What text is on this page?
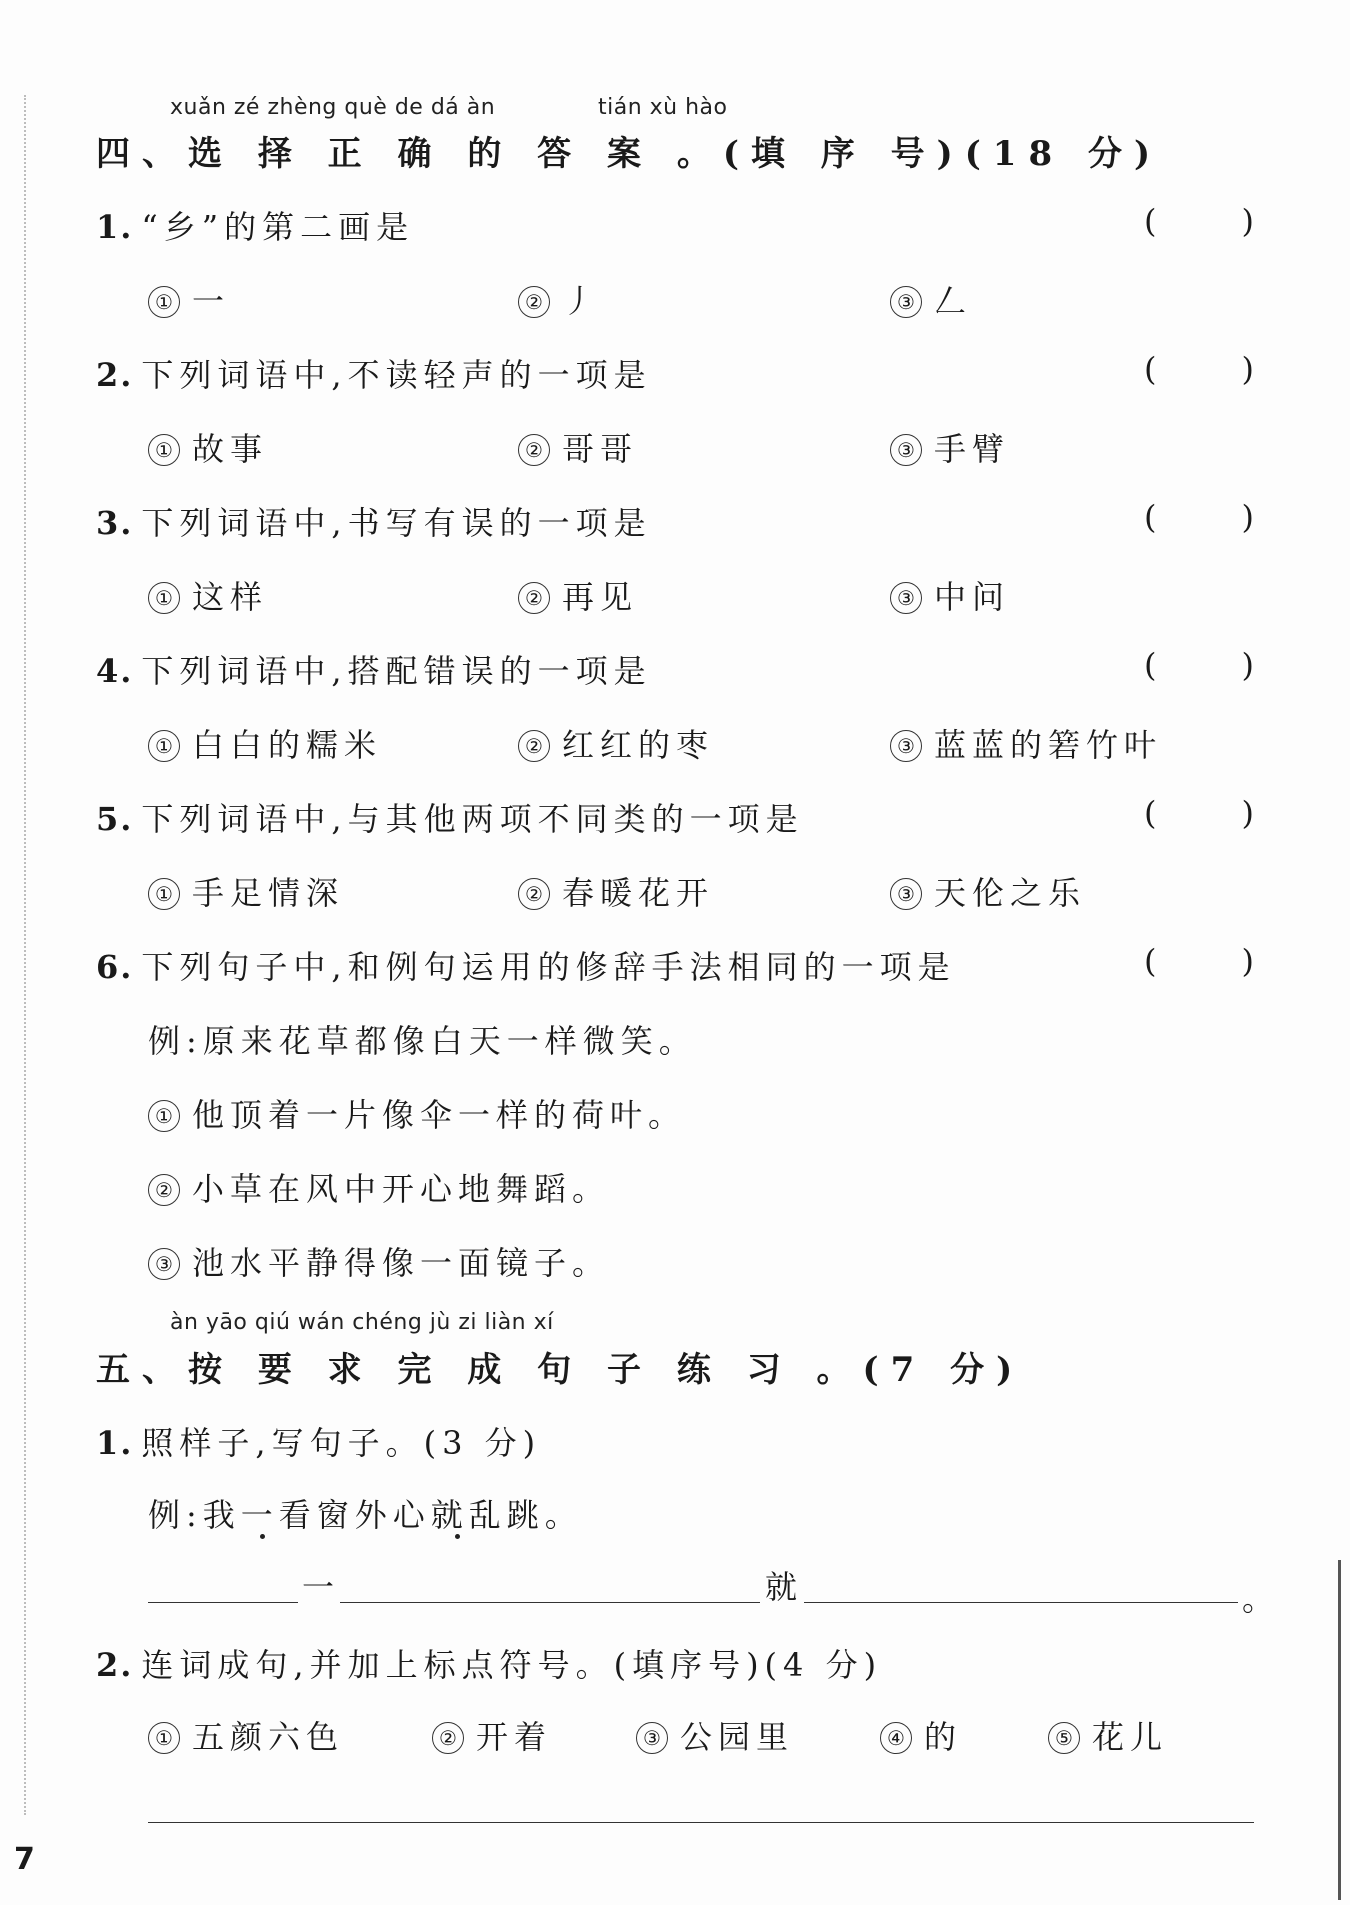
xuǎn zé zhèng què de dá àn	tián xù hào
四、选 择 正 确 的 答 案 。(填 序 号)(18 分)
1. “乡”的第二画是	(	)
① 一	② 丿	③ 𠃋
2. 下列词语中,不读轻声的一项是	(	)
① 故事	② 哥哥	③ 手臂
3. 下列词语中,书写有误的一项是	(	)
① 这样	② 再见	③ 中问
4. 下列词语中,搭配错误的一项是	(	)
① 白白的糯米	② 红红的枣	③ 蓝蓝的箬竹叶
5. 下列词语中,与其他两项不同类的一项是	(	)
① 手足情深	② 春暖花开	③ 天伦之乐
6. 下列句子中,和例句运用的修辞手法相同的一项是	(	)
例:原来花草都像白天一样微笑。
① 他顶着一片像伞一样的荷叶。
② 小草在风中开心地舞蹈。
③ 池水平静得像一面镜子。
àn yāo qiú wán chéng jù zi liàn xí
五、按 要 求 完 成 句 子 练 习 。(7 分)
1. 照样子,写句子。(3 分)
例:我一看窗外心就乱跳。
一	就	。
2. 连词成句,并加上标点符号。(填序号)(4 分)
① 五颜六色	② 开着	③ 公园里	④ 的	⑤ 花儿
7
